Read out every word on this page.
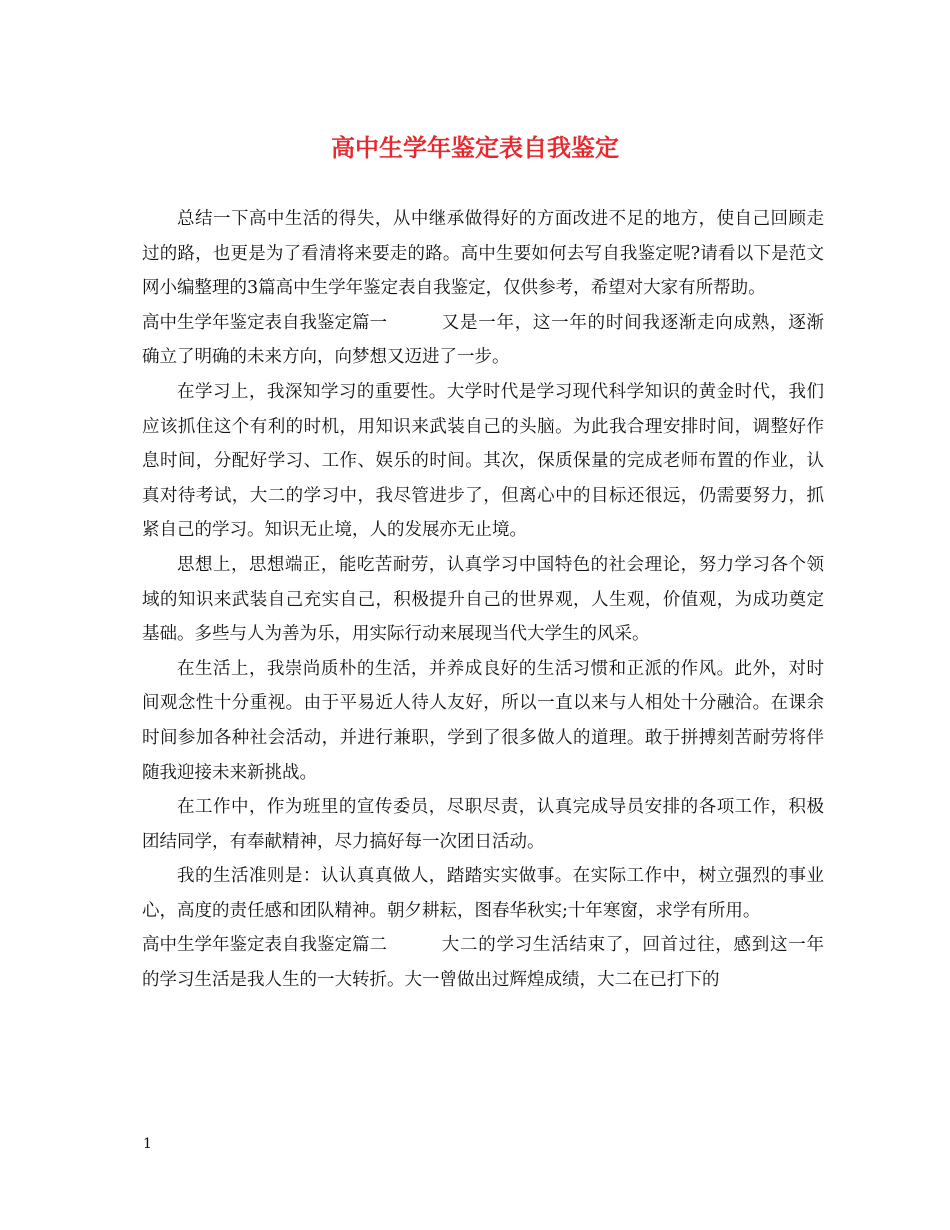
高中生学年鉴定表自我鉴定

总结一下高中生活的得失，从中继承做得好的方面改进不足的地方，使自己回顾走过的路，也更是为了看清将来要走的路。高中生要如何去写自我鉴定呢?请看以下是范文网小编整理的3篇高中生学年鉴定表自我鉴定，仅供参考，希望对大家有所帮助。

高中生学年鉴定表自我鉴定篇一	又是一年，这一年的时间我逐渐走向成熟，逐渐确立了明确的未来方向，向梦想又迈进了一步。

在学习上，我深知学习的重要性。大学时代是学习现代科学知识的黄金时代，我们应该抓住这个有利的时机，用知识来武装自己的头脑。为此我合理安排时间，调整好作息时间，分配好学习、工作、娱乐的时间。其次，保质保量的完成老师布置的作业，认真对待考试，大二的学习中，我尽管进步了，但离心中的目标还很远，仍需要努力，抓紧自己的学习。知识无止境，人的发展亦无止境。

思想上，思想端正，能吃苦耐劳，认真学习中国特色的社会理论，努力学习各个领域的知识来武装自己充实自己，积极提升自己的世界观，人生观，价值观，为成功奠定基础。多些与人为善为乐，用实际行动来展现当代大学生的风采。

在生活上，我崇尚质朴的生活，并养成良好的生活习惯和正派的作风。此外，对时间观念性十分重视。由于平易近人待人友好，所以一直以来与人相处十分融洽。在课余时间参加各种社会活动，并进行兼职，学到了很多做人的道理。敢于拼搏刻苦耐劳将伴随我迎接未来新挑战。

在工作中，作为班里的宣传委员，尽职尽责，认真完成导员安排的各项工作，积极团结同学，有奉献精神，尽力搞好每一次团日活动。

我的生活准则是：认认真真做人，踏踏实实做事。在实际工作中，树立强烈的事业心，高度的责任感和团队精神。朝夕耕耘，图春华秋实;十年寒窗，求学有所用。

高中生学年鉴定表自我鉴定篇二	大二的学习生活结束了，回首过往，感到这一年的学习生活是我人生的一大转折。大一曾做出过辉煌成绩，大二在已打下的

1
